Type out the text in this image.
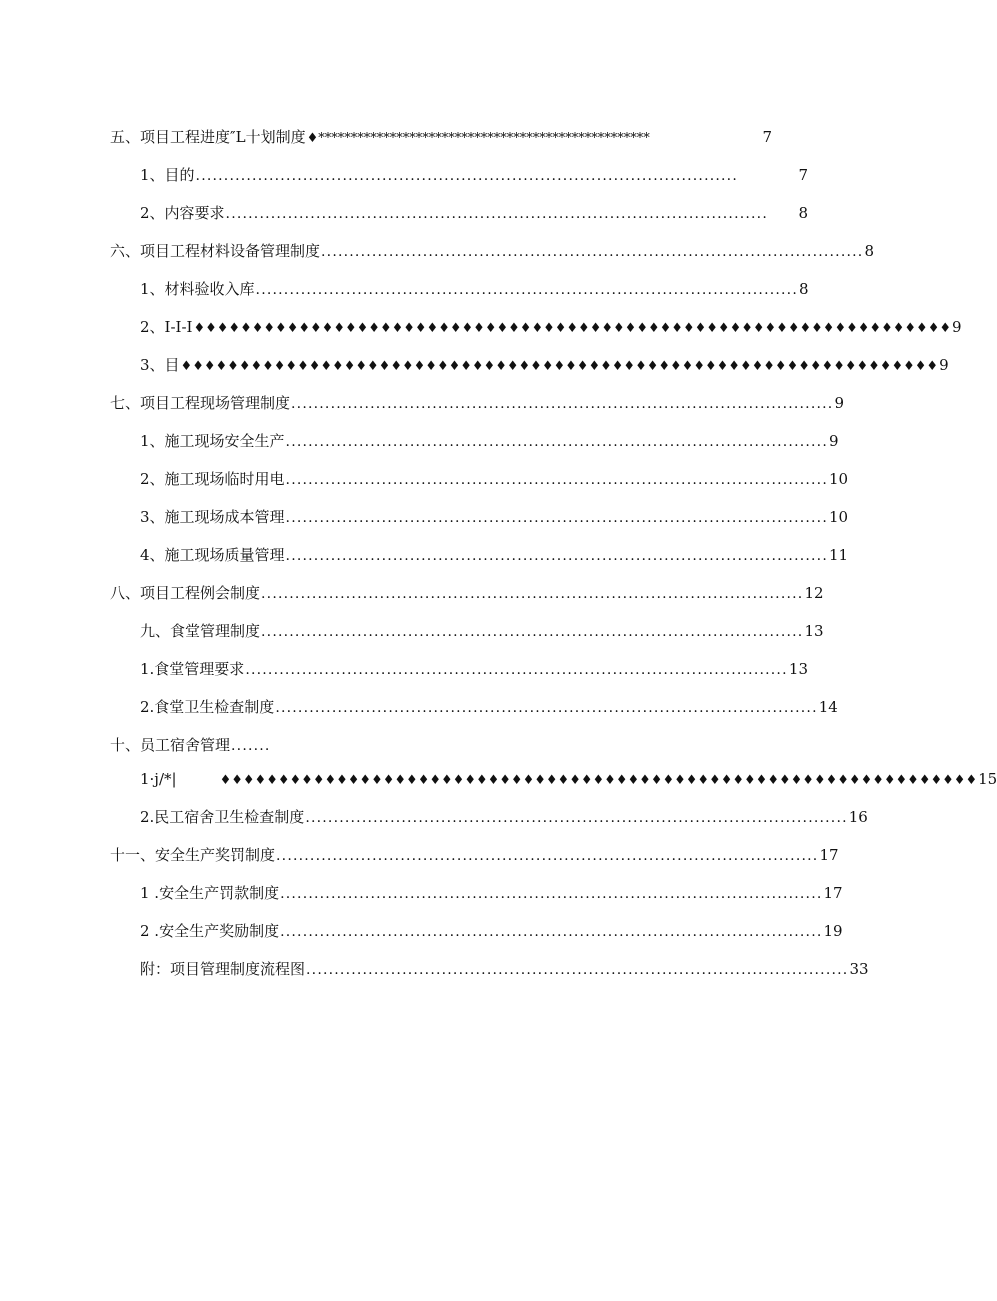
五、项目工程进度″L十划制度 ♦***************************************************	7
1、目的 ................................................................................................	7
2、内容要求 ................................................................................................	8
六、项目工程材料设备管理制度 ................................................................................................ 8
1、材料验收入库 ................................................................................................ 8
2、I-I-I ♦♦♦♦♦♦♦♦♦♦♦♦♦♦♦♦♦♦♦♦♦♦♦♦♦♦♦♦♦♦♦♦♦♦♦♦♦♦♦♦♦♦♦♦♦♦♦♦♦♦♦♦♦♦♦♦♦♦♦♦♦♦♦♦♦ 9
3、目 ♦♦♦♦♦♦♦♦♦♦♦♦♦♦♦♦♦♦♦♦♦♦♦♦♦♦♦♦♦♦♦♦♦♦♦♦♦♦♦♦♦♦♦♦♦♦♦♦♦♦♦♦♦♦♦♦♦♦♦♦♦♦♦♦♦ 9
七、项目工程现场管理制度 ................................................................................................ 9
1、施工现场安全生产 ................................................................................................ 9
2、施工现场临时用电 ................................................................................................ 10
3、施工现场成本管理 ................................................................................................ 10
4、施工现场质量管理 ................................................................................................ 11
八、项目工程例会制度 ................................................................................................ 12
九、食堂管理制度 ................................................................................................ 13
1.食堂管理要求 ................................................................................................ 13
2.食堂卫生检查制度 ................................................................................................ 14
十、员工宿舍管理 .......
1·j/*|	♦♦♦♦♦♦♦♦♦♦♦♦♦♦♦♦♦♦♦♦♦♦♦♦♦♦♦♦♦♦♦♦♦♦♦♦♦♦♦♦♦♦♦♦♦♦♦♦♦♦♦♦♦♦♦♦♦♦♦♦♦♦♦♦♦ 15
2.民工宿舍卫生检查制度 ................................................................................................ 16
十一、安全生产奖罚制度 ................................................................................................ 17
1 .安全生产罚款制度 ................................................................................................ 17
2 .安全生产奖励制度 ................................................................................................ 19
附：项目管理制度流程图 ................................................................................................ 33
